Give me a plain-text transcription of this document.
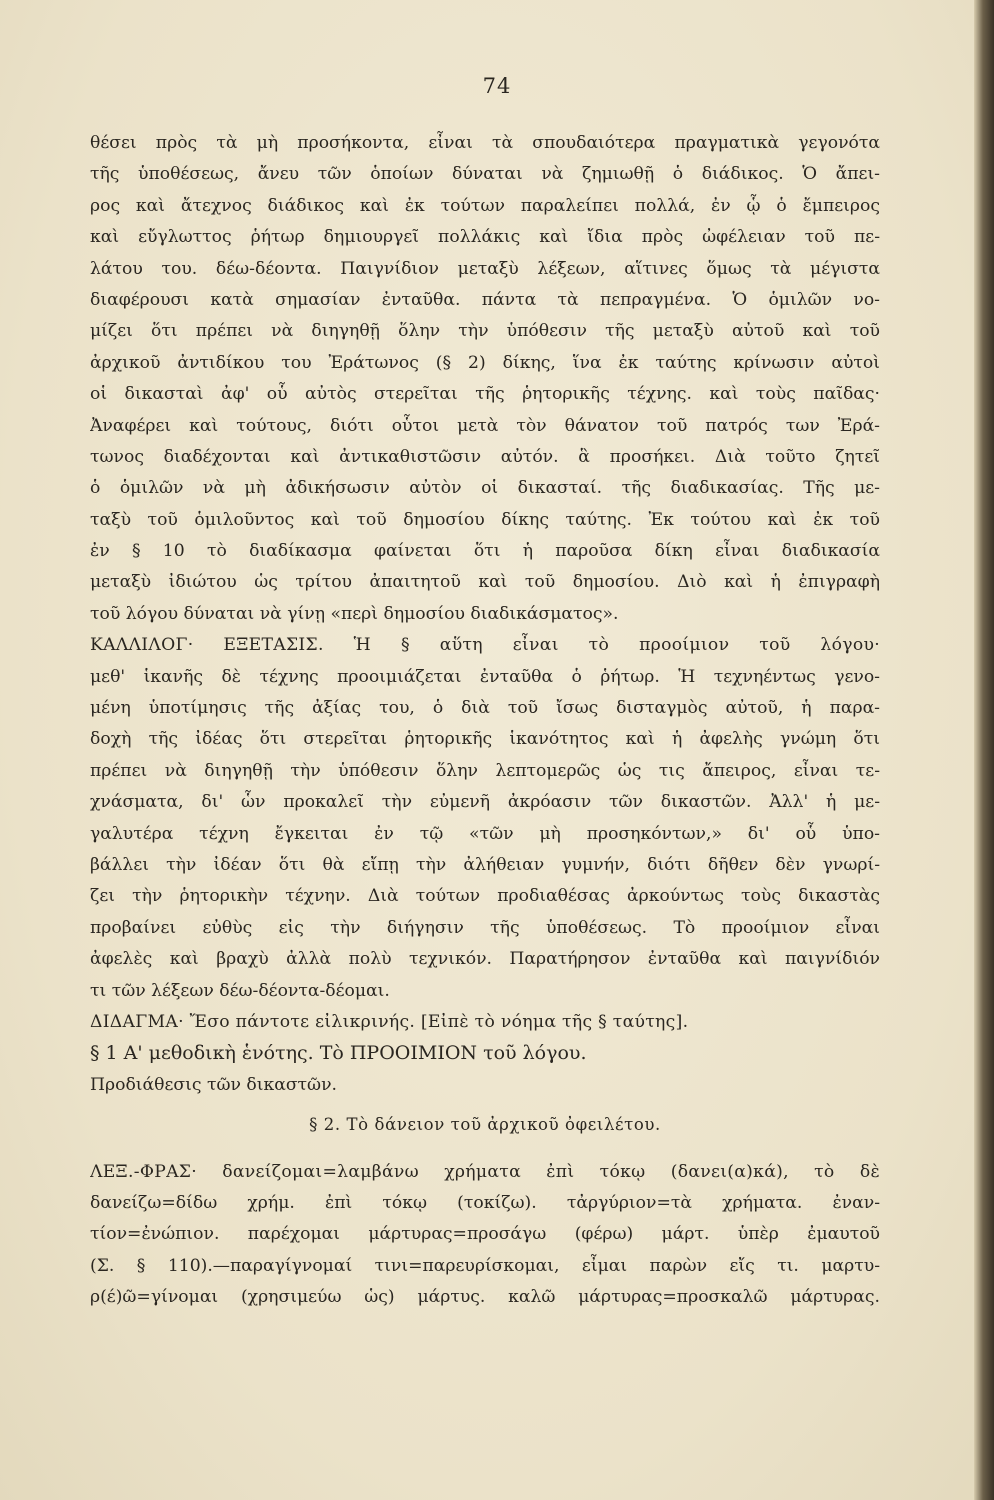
74
θέσει πρὸς τὰ μὴ προσήκοντα, εἶναι τὰ σπουδαιότερα πραγματικὰ γεγονότα
τῆς ὑποθέσεως, ἄνευ τῶν ὁποίων δύναται νὰ ζημιωθῇ ὁ διάδικος. Ὁ ἄπει-
ρος καὶ ἄτεχνος διάδικος καὶ ἐκ τούτων παραλείπει πολλά, ἐν ᾧ ὁ ἔμπειρος
καὶ εὔγλωττος ῥήτωρ δημιουργεῖ πολλάκις καὶ ἴδια πρὸς ὠφέλειαν τοῦ πε-
λάτου του. δέω-δέοντα. Παιγνίδιον μεταξὺ λέξεων, αἵτινες ὅμως τὰ μέγιστα
διαφέρουσι κατὰ σημασίαν ἐνταῦθα. πάντα τὰ πεπραγμένα. Ὁ ὁμιλῶν νο-
μίζει ὅτι πρέπει νὰ διηγηθῇ ὅλην τὴν ὑπόθεσιν τῆς μεταξὺ αὐτοῦ καὶ τοῦ
ἀρχικοῦ ἀντιδίκου του Ἐράτωνος (§ 2) δίκης, ἵνα ἐκ ταύτης κρίνωσιν αὐτοὶ
οἱ δικασταὶ ἀφ' οὗ αὐτὸς στερεῖται τῆς ῥητορικῆς τέχνης. καὶ τοὺς παῖδας·
Ἀναφέρει καὶ τούτους, διότι οὗτοι μετὰ τὸν θάνατον τοῦ πατρός των Ἐρά-
τωνος διαδέχονται καὶ ἀντικαθιστῶσιν αὐτόν. ἃ προσήκει. Διὰ τοῦτο ζητεῖ
ὁ ὁμιλῶν νὰ μὴ ἀδικήσωσιν αὐτὸν οἱ δικασταί. τῆς διαδικασίας. Τῆς με-
ταξὺ τοῦ ὁμιλοῦντος καὶ τοῦ δημοσίου δίκης ταύτης. Ἐκ τούτου καὶ ἐκ τοῦ
ἐν § 10 τὸ διαδίκασμα φαίνεται ὅτι ἡ παροῦσα δίκη εἶναι διαδικασία
μεταξὺ ἰδιώτου ὡς τρίτου ἀπαιτητοῦ καὶ τοῦ δημοσίου. Διὸ καὶ ἡ ἐπιγραφὴ
τοῦ λόγου δύναται νὰ γίνῃ «περὶ δημοσίου διαδικάσματος».
ΚΑΛΛΙΛΟΓ· ΕΞΕΤΑΣΙΣ. Ἡ § αὕτη εἶναι τὸ προοίμιον τοῦ λόγου·
μεθ' ἱκανῆς δὲ τέχνης προοιμιάζεται ἐνταῦθα ὁ ῥήτωρ. Ἡ τεχνηέντως γενο-
μένη ὑποτίμησις τῆς ἀξίας του, ὁ διὰ τοῦ ἴσως δισταγμὸς αὐτοῦ, ἡ παρα-
δοχὴ τῆς ἰδέας ὅτι στερεῖται ῥητορικῆς ἱκανότητος καὶ ἡ ἀφελὴς γνώμη ὅτι
πρέπει νὰ διηγηθῇ τὴν ὑπόθεσιν ὅλην λεπτομερῶς ὡς τις ἄπειρος, εἶναι τε-
χνάσματα, δι' ὧν προκαλεῖ τὴν εὐμενῆ ἀκρόασιν τῶν δικαστῶν. Ἀλλ' ἡ με-
γαλυτέρα τέχνη ἔγκειται ἐν τῷ «τῶν μὴ προσηκόντων,» δι' οὗ ὑπο-
βάλλει τὴν ἰδέαν ὅτι θὰ εἴπῃ τὴν ἀλήθειαν γυμνήν, διότι δῆθεν δὲν γνωρί-
ζει τὴν ῥητορικὴν τέχνην. Διὰ τούτων προδιαθέσας ἀρκούντως τοὺς δικαστὰς
προβαίνει εὐθὺς εἰς τὴν διήγησιν τῆς ὑποθέσεως. Τὸ προοίμιον εἶναι
ἀφελὲς καὶ βραχὺ ἀλλὰ πολὺ τεχνικόν. Παρατήρησον ἐνταῦθα καὶ παιγνίδιόν
τι τῶν λέξεων δέω-δέοντα-δέομαι.
ΔΙΔΑΓΜΑ· Ἔσο πάντοτε εἰλικρινής. [Εἰπὲ τὸ νόημα τῆς § ταύτης].
§ 1 Α' μεθοδικὴ ἑνότης. Τὸ ΠΡΟΟΙΜΙΟΝ τοῦ λόγου.
Προδιάθεσις τῶν δικαστῶν.
§ 2. Τὸ δάνειον τοῦ ἀρχικοῦ ὀφειλέτου.
ΛΕΞ.-ΦΡΑΣ· δανείζομαι=λαμβάνω χρήματα ἐπὶ τόκῳ (δανει(α)κά), τὸ δὲ
δανείζω=δίδω χρήμ. ἐπὶ τόκῳ (τοκίζω). τἀργύριον=τὰ χρήματα. ἐναν-
τίον=ἐνώπιον. παρέχομαι μάρτυρας=προσάγω (φέρω) μάρτ. ὑπὲρ ἐμαυτοῦ
(Σ. § 110).—παραγίγνομαί τινι=παρευρίσκομαι, εἶμαι παρὼν εἴς τι. μαρτυ-
ρ(έ)ῶ=γίνομαι (χρησιμεύω ὡς) μάρτυς. καλῶ μάρτυρας=προσκαλῶ μάρτυρας.
